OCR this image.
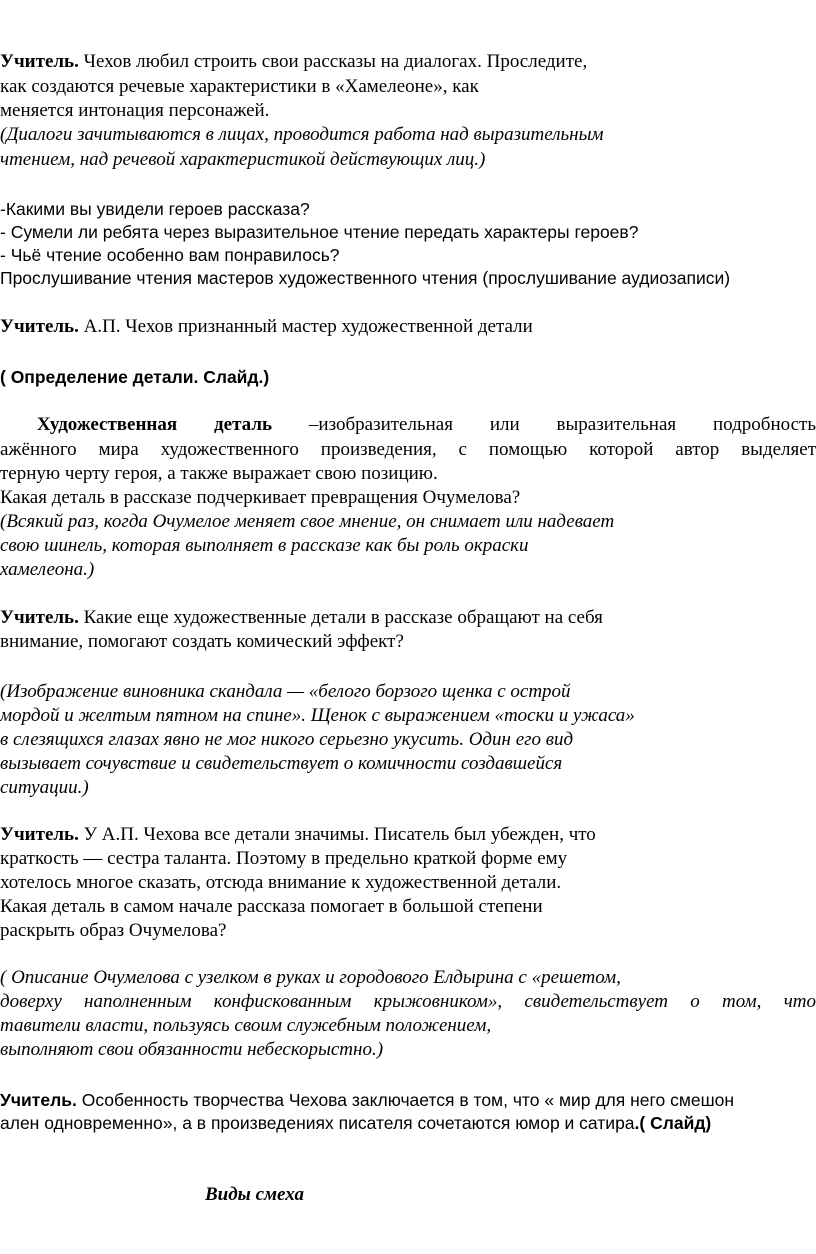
Учитель. Чехов любил строить свои рассказы на диалогах. Проследите,
как создаются речевые характеристики в «Хамелеоне», как
меняется интонация персонажей.
(Диалоги зачитываются в лицах, проводится работа над выразительным
чтением, над речевой характеристикой действующих лиц.)
-Какими вы увидели героев рассказа?
- Сумели ли ребята через выразительное чтение передать характеры героев?
- Чьё чтение особенно вам понравилось?
Прослушивание чтения мастеров художественного чтения (прослушивание аудиозаписи)
Учитель. А.П. Чехов признанный мастер художественной детали
( Определение детали. Слайд.)
Художественная деталь –изобразительная или выразительная подробность
ажённого мира художественного произведения, с помощью которой автор выделяет
терную черту героя, а также выражает свою позицию.
Какая деталь в рассказе подчеркивает превращения Очумелова?
(Всякий раз, когда Очумелое меняет свое мнение, он снимает или надевает
свою шинель, которая выполняет в рассказе как бы роль окраски
хамелеона.)
Учитель. Какие еще художественные детали в рассказе обращают на себя
внимание, помогают создать комический эффект?
(Изображение виновника скандала — «белого борзого щенка с острой
мордой и желтым пятном на спине». Щенок с выражением «тоски и ужаса»
в слезящихся глазах явно не мог никого серьезно укусить. Один его вид
вызывает сочувствие и свидетельствует о комичности создавшейся
ситуации.)
Учитель. У А.П. Чехова все детали значимы. Писатель был убежден, что
краткость — сестра таланта. Поэтому в предельно краткой форме ему
хотелось многое сказать, отсюда внимание к художественной детали.
Какая деталь в самом начале рассказа помогает в большой степени
раскрыть образ Очумелова?
( Описание Очумелова с узелком в руках и городового Елдырина с «решетом,
доверху наполненным конфискованным крыжовником», свидетельствует о том, что
тавители власти, пользуясь своим служебным положением,
выполняют свои обязанности небескорыстно.)
Учитель. Особенность творчества Чехова заключается в том, что « мир для него смешон
ален одновременно», а в произведениях писателя сочетаются юмор и сатира.( Слайд)
Виды смеха
